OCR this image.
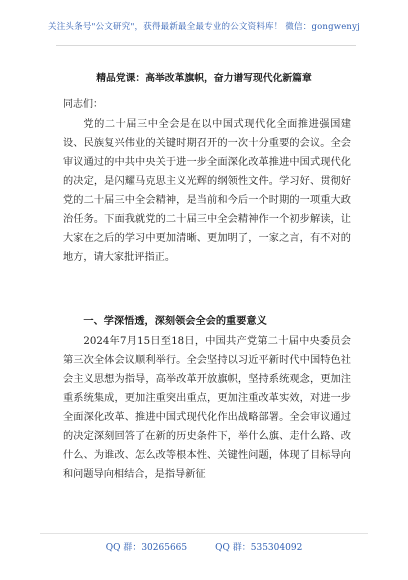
关注头条号"公文研究"，获得最新最全最专业的公文资料库！ 微信：gongwenyj
精品党课：高举改革旗帜，奋力谱写现代化新篇章
同志们：
党的二十届三中全会是在以中国式现代化全面推进强国建设、民族复兴伟业的关键时期召开的一次十分重要的会议。全会审议通过的中共中央关于进一步全面深化改革推进中国式现代化的决定，是闪耀马克思主义光辉的纲领性文件。学习好、贯彻好党的二十届三中全会精神，是当前和今后一个时期的一项重大政治任务。下面我就党的二十届三中全会精神作一个初步解读，让大家在之后的学习中更加清晰、更加明了，一家之言，有不对的地方，请大家批评指正。
一、学深悟透，深刻领会全会的重要意义
2024年7月15日至18日，中国共产党第二十届中央委员会第三次全体会议顺利举行。全会坚持以习近平新时代中国特色社会主义思想为指导，高举改革开放旗帜，坚持系统观念，更加注重系统集成，更加注重突出重点，更加注重改革实效，对进一步全面深化改革、推进中国式现代化作出战略部署。全会审议通过的决定深刻回答了在新的历史条件下，举什么旗、走什么路、改什么、为谁改、怎么改等根本性、关键性问题，体现了目标导向和问题导向相结合，是指导新征
QQ 群：30265665	QQ 群：535304092
